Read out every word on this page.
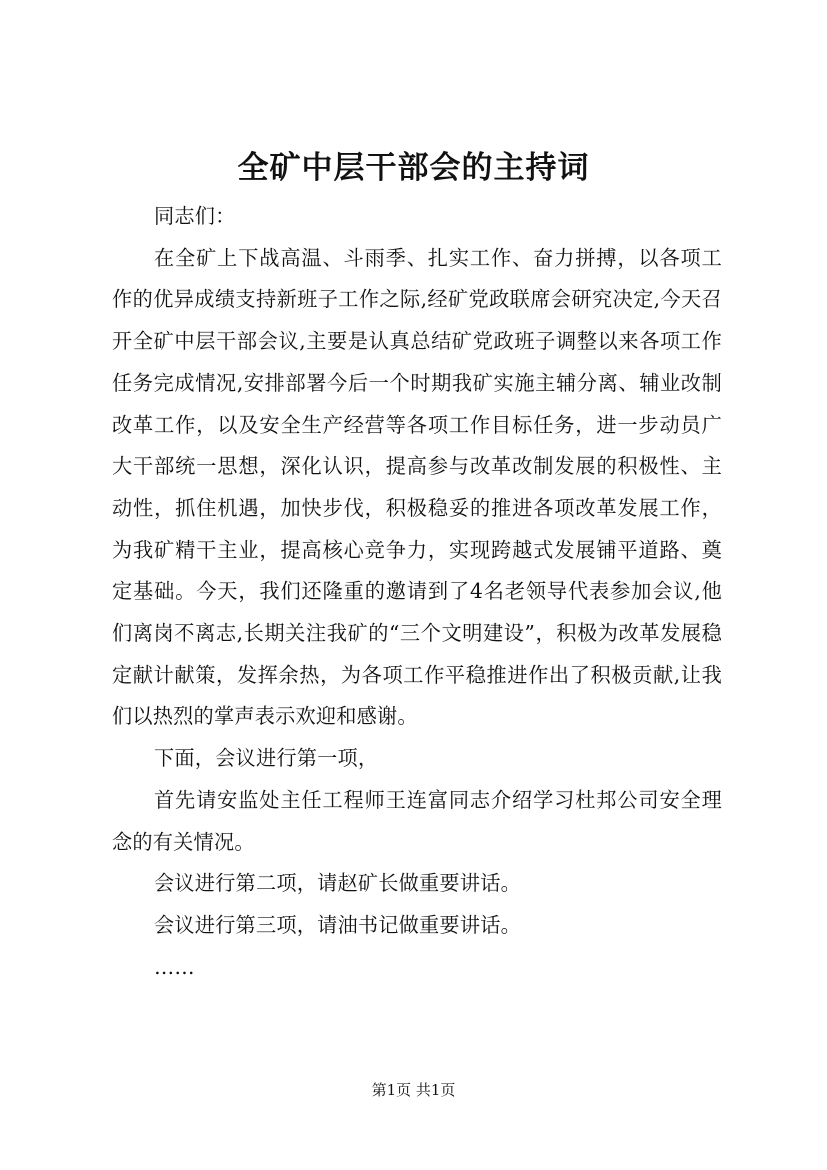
全矿中层干部会的主持词

同志们：

在全矿上下战高温、斗雨季、扎实工作、奋力拼搏，以各项工作的优异成绩支持新班子工作之际,经矿党政联席会研究决定,今天召开全矿中层干部会议,主要是认真总结矿党政班子调整以来各项工作任务完成情况,安排部署今后一个时期我矿实施主辅分离、辅业改制改革工作，以及安全生产经营等各项工作目标任务，进一步动员广大干部统一思想，深化认识，提高参与改革改制发展的积极性、主动性，抓住机遇，加快步伐，积极稳妥的推进各项改革发展工作，为我矿精干主业，提高核心竞争力，实现跨越式发展铺平道路、奠定基础。今天，我们还隆重的邀请到了4名老领导代表参加会议,他们离岗不离志,长期关注我矿的“三个文明建设”，积极为改革发展稳定献计献策，发挥余热，为各项工作平稳推进作出了积极贡献,让我们以热烈的掌声表示欢迎和感谢。

下面，会议进行第一项，

首先请安监处主任工程师王连富同志介绍学习杜邦公司安全理念的有关情况。

会议进行第二项，请赵矿长做重要讲话。

会议进行第三项，请油书记做重要讲话。

……

第1页 共1页
